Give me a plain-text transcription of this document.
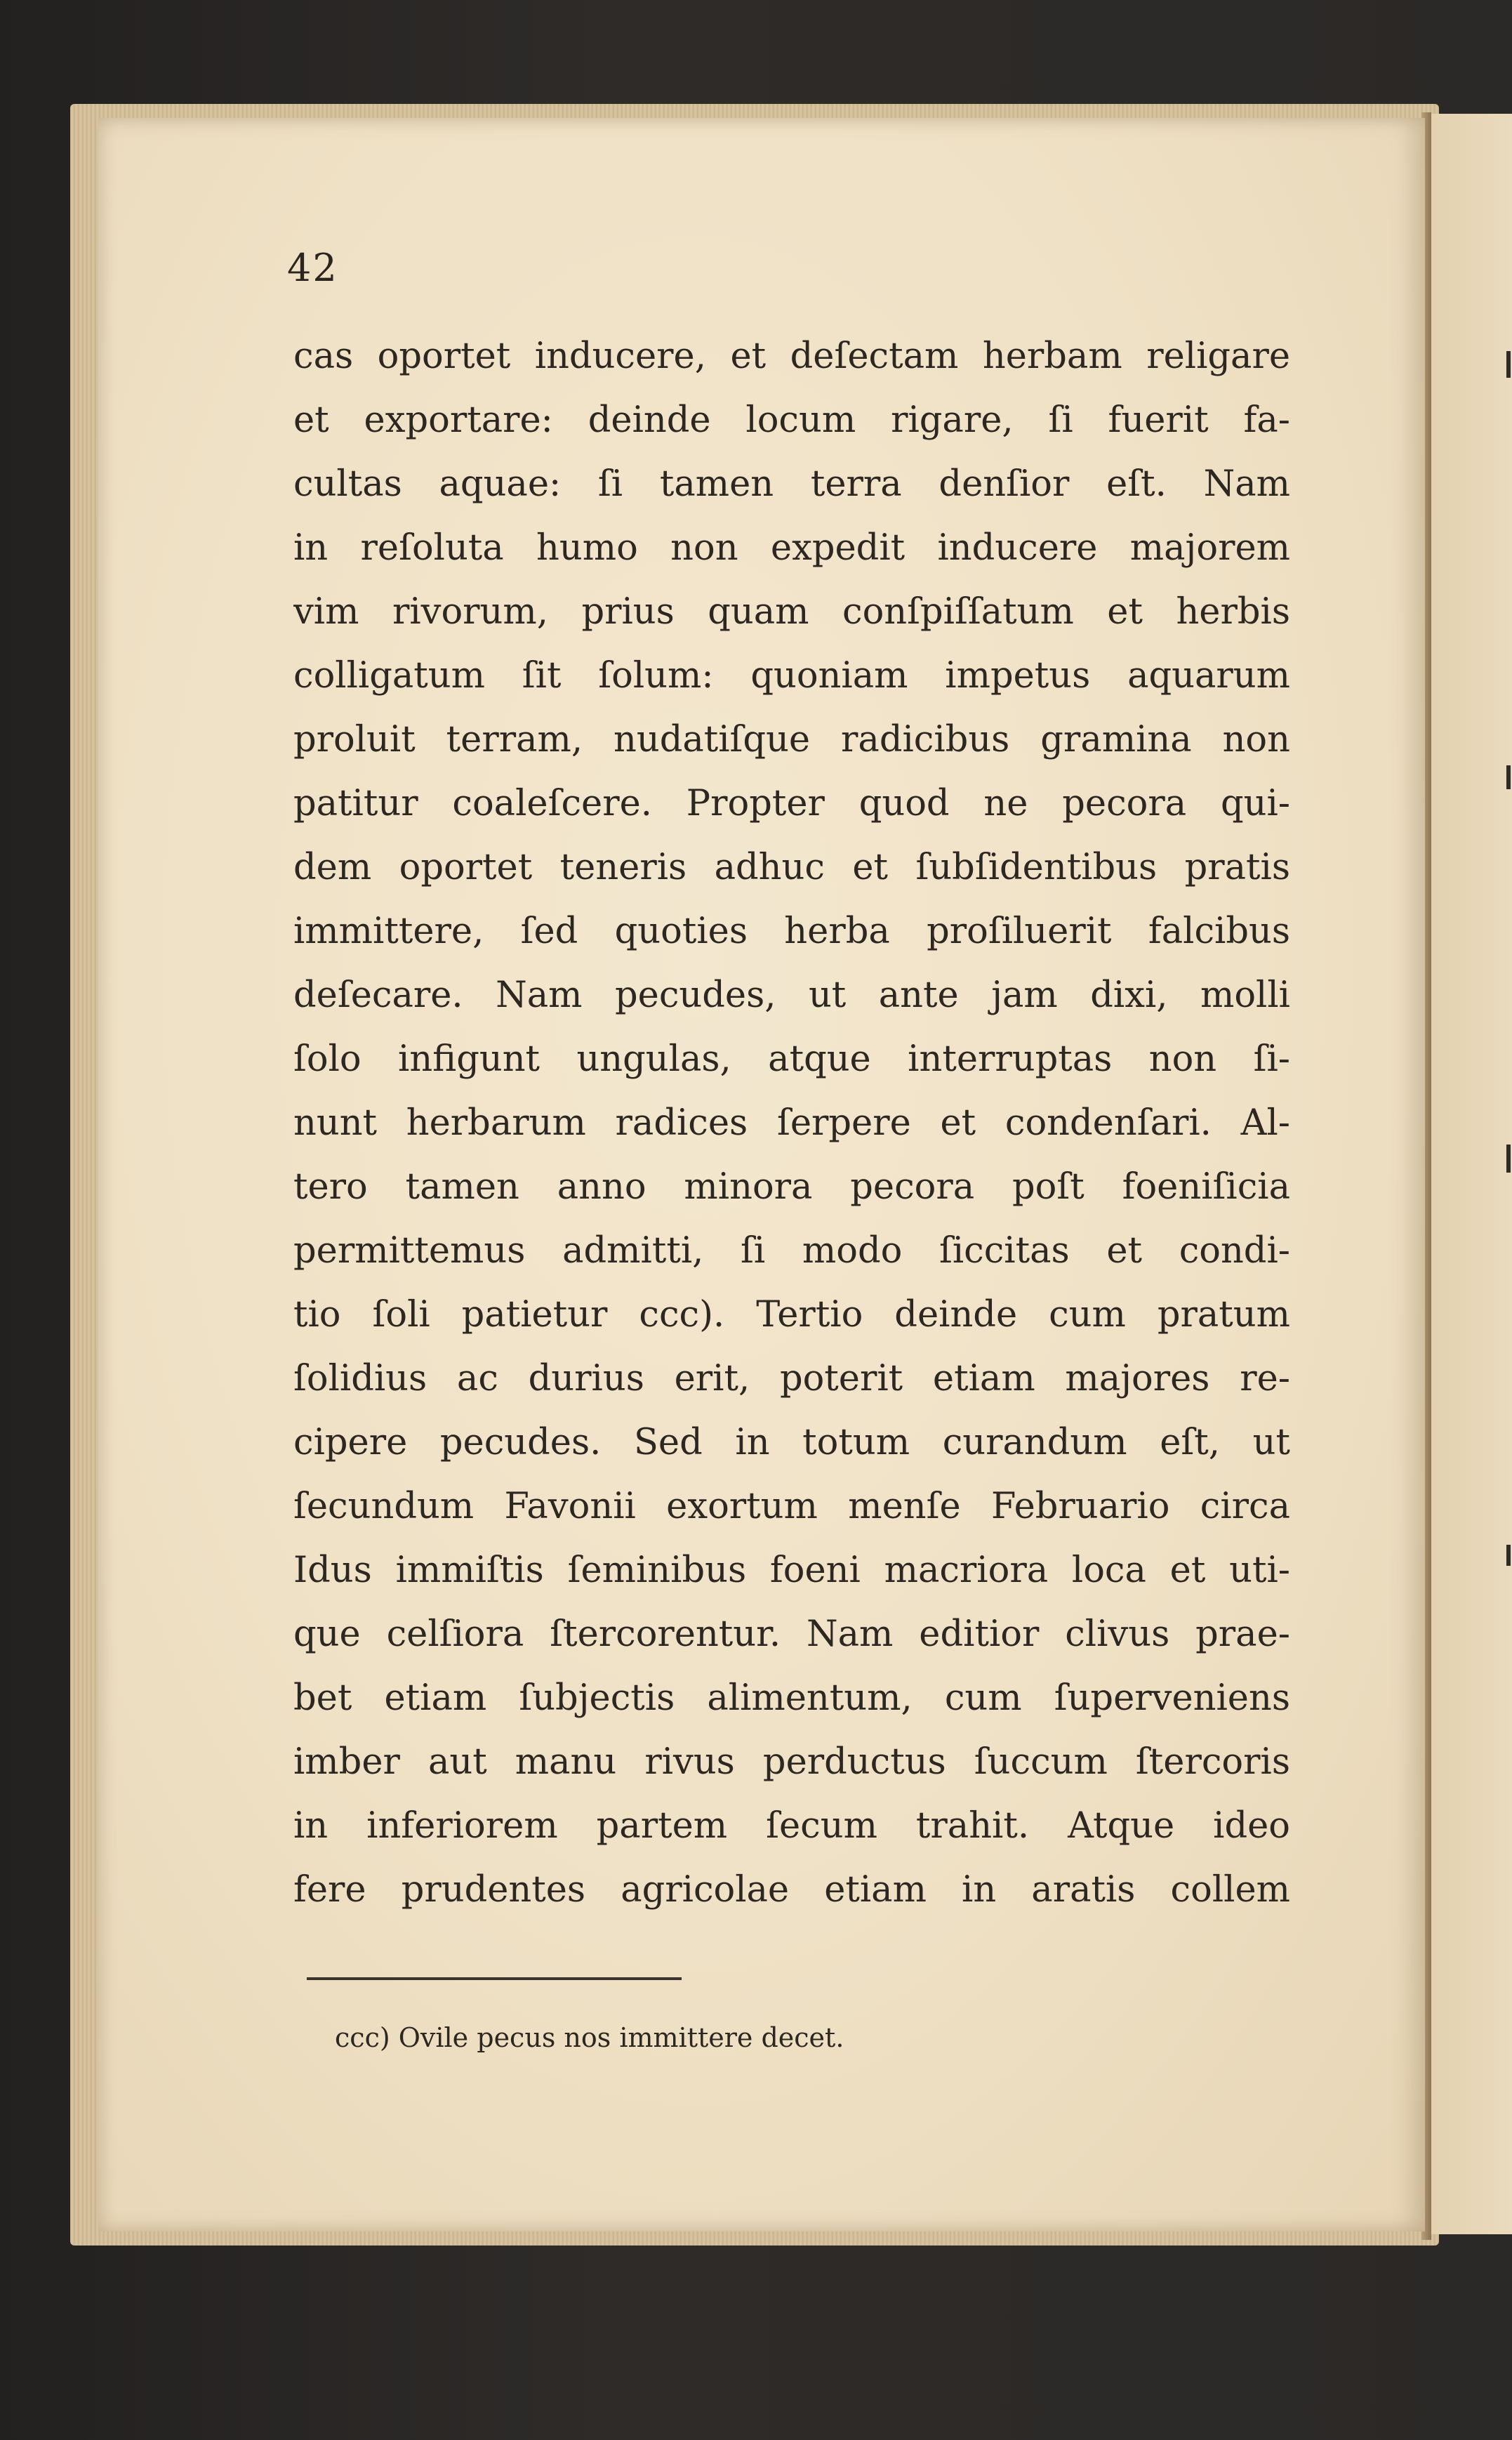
42
cas oportet inducere, et deſectam herbam religare
et exportare: deinde locum rigare, ſi fuerit fa-
cultas aquae: ſi tamen terra denſior eſt. Nam
in reſoluta humo non expedit inducere majorem
vim rivorum, prius quam conſpiſſatum et herbis
colligatum ſit ſolum: quoniam impetus aquarum
proluit terram, nudatiſque radicibus gramina non
patitur coaleſcere. Propter quod ne pecora qui-
dem oportet teneris adhuc et ſubſidentibus pratis
immittere, ſed quoties herba proſiluerit falcibus
deſecare. Nam pecudes, ut ante jam dixi, molli
ſolo infigunt ungulas, atque interruptas non ſi-
nunt herbarum radices ſerpere et condenſari. Al-
tero tamen anno minora pecora poſt foeniſicia
permittemus admitti, ſi modo ſiccitas et condi-
tio ſoli patietur ccc). Tertio deinde cum pratum
ſolidius ac durius erit, poterit etiam majores re-
cipere pecudes. Sed in totum curandum eſt, ut
ſecundum Favonii exortum menſe Februario circa
Idus immiſtis ſeminibus foeni macriora loca et uti-
que celſiora ſtercorentur. Nam editior clivus prae-
bet etiam ſubjectis alimentum, cum ſuperveniens
imber aut manu rivus perductus ſuccum ſtercoris
in inferiorem partem ſecum trahit. Atque ideo
fere prudentes agricolae etiam in aratis collem
ccc) Ovile pecus nos immittere decet.
